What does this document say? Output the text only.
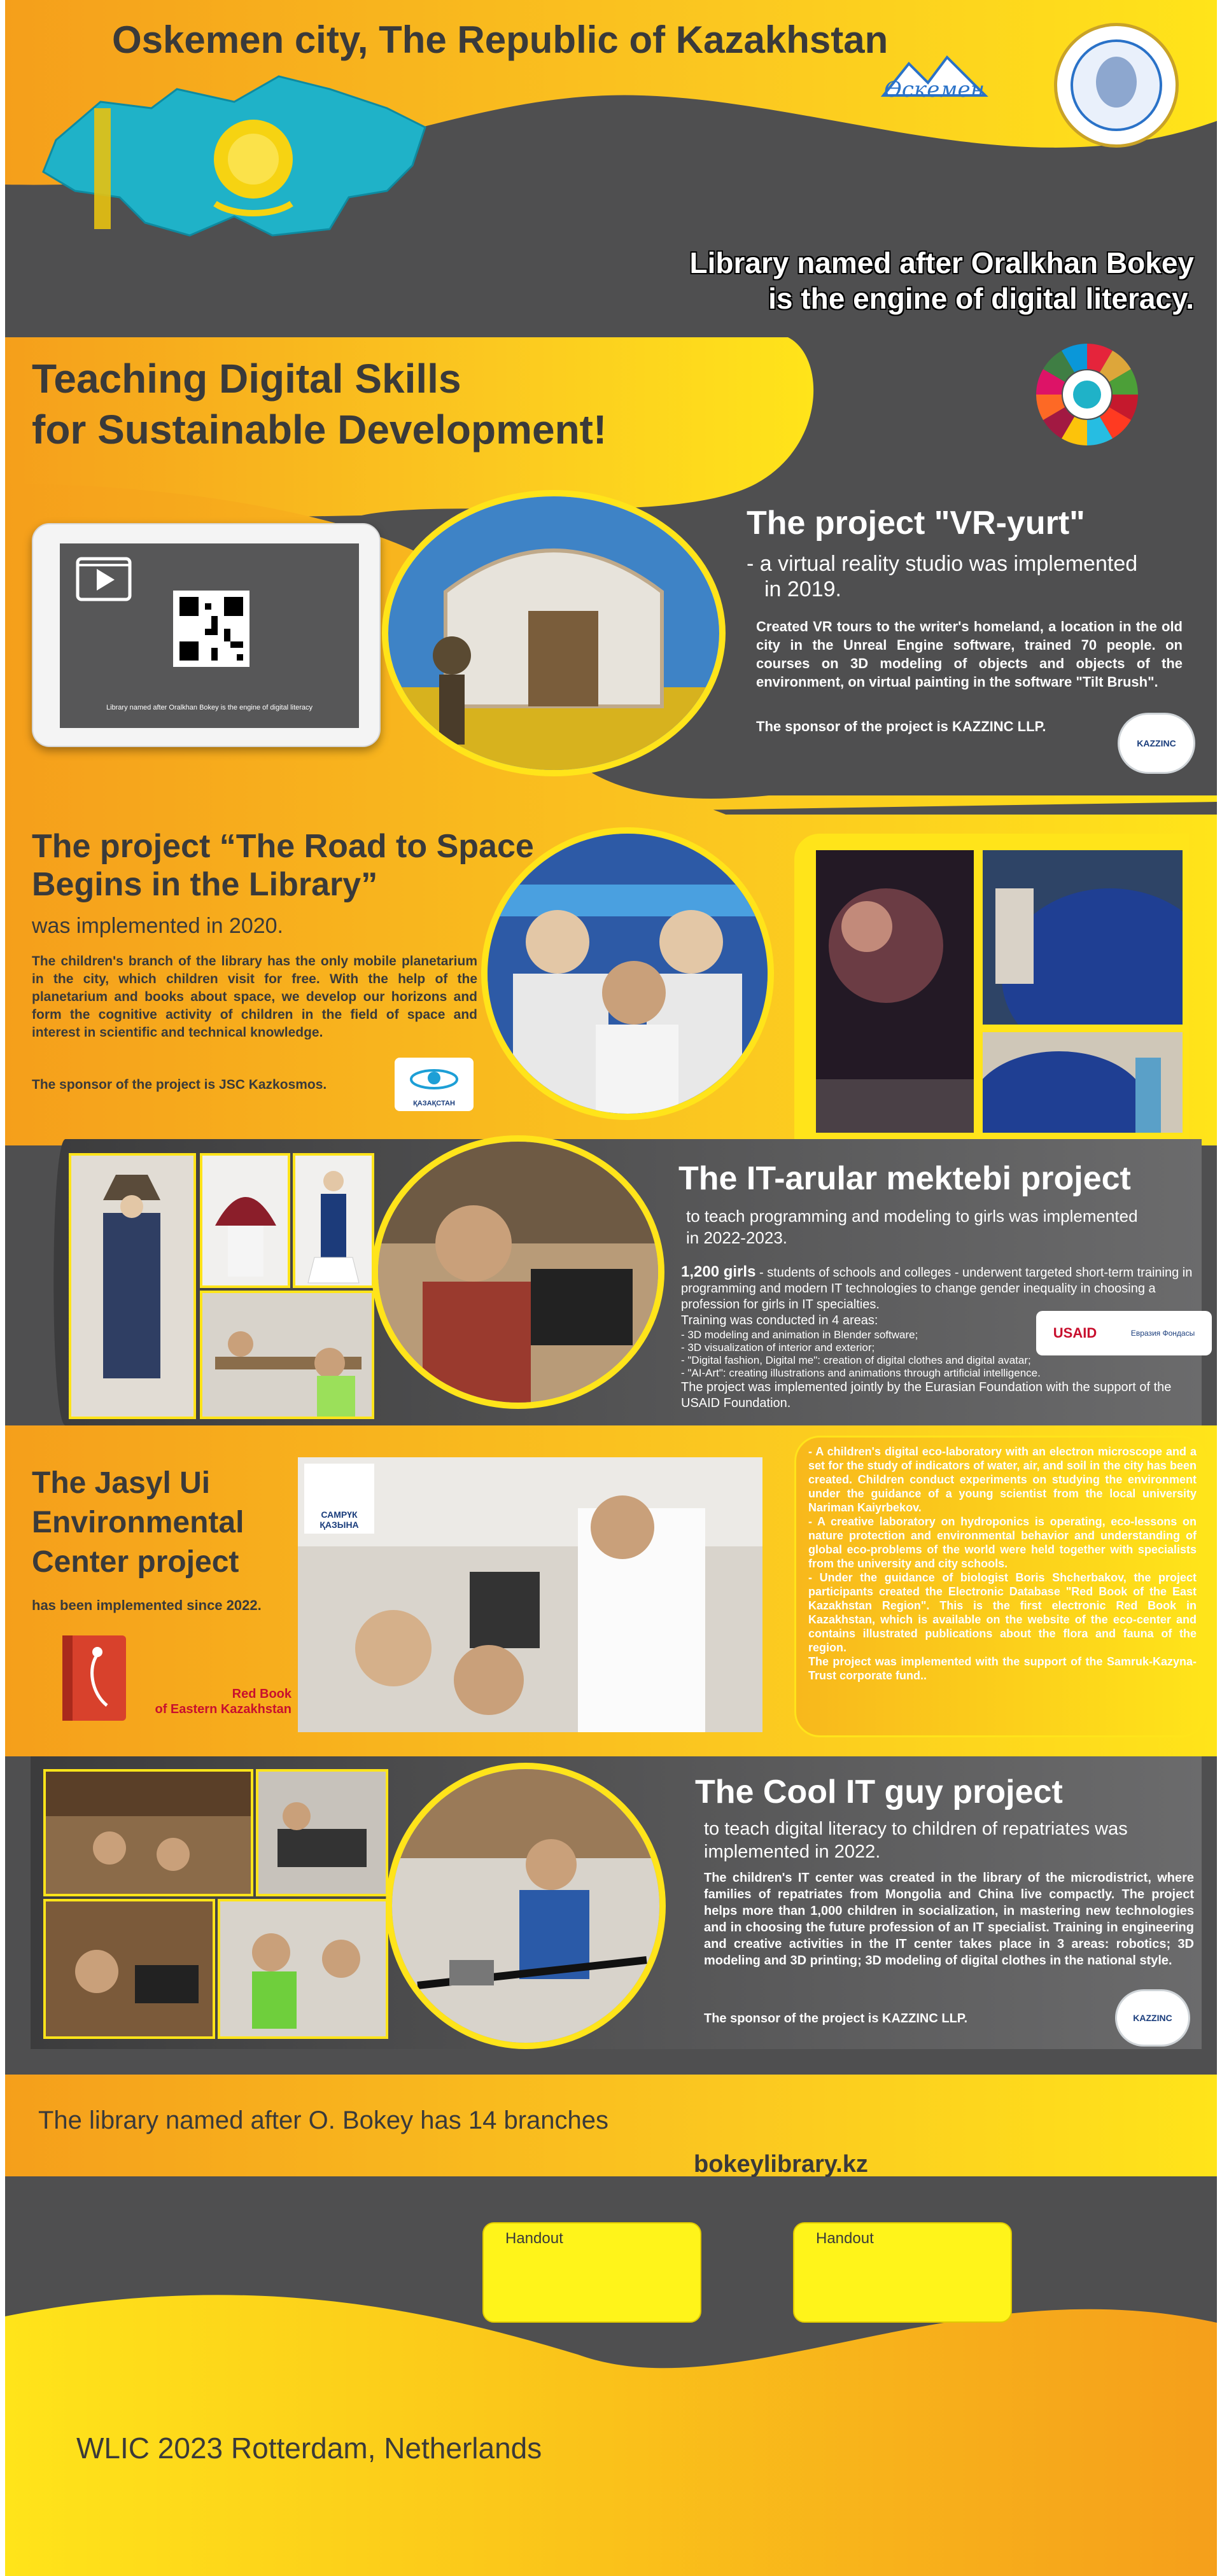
Oskemen city, The Republic of Kazakhstan
Өскемен
Library named after Oralkhan Bokey
is the engine of digital literacy.
Teaching Digital Skills
for Sustainable Development!
Library named after Oralkhan Bokey is the engine of digital literacy
The project "VR-yurt"
- a virtual reality studio was implemented
in 2019.
Created VR tours to the writer's homeland, a location in the old city in the Unreal Engine software, trained 70 people. on courses on 3D modeling of objects and objects of the environment, on virtual painting in the software "Tilt Brush".
The sponsor of the project is KAZZINC LLP.
KAZZINC
The project “The Road to Space
Begins in the Library”
was implemented in 2020.
The children's branch of the library has the only mobile planetarium in the city, which children visit for free. With the help of the planetarium and books about space, we develop our horizons and form the cognitive activity of children in the field of space and interest in scientific and technical knowledge.
The sponsor of the project is JSC Kazkosmos.
ҚАЗАҚСТАН
The IT-arular mektebi project
to teach programming and modeling to girls was implemented
in 2022-2023.
1,200 girls - students of schools and colleges - underwent targeted short-term training in programming and modern IT technologies to change gender inequality in choosing a profession for girls in IT specialties.
Training was conducted in 4 areas:
- 3D modeling and animation in Blender software;
- 3D visualization of interior and exterior;
- "Digital fashion, Digital me": creation of digital clothes and digital avatar;
- "AI-Art": creating illustrations and animations through artificial intelligence.
The project was implemented jointly by the Eurasian Foundation with the support of the USAID Foundation.
USAID	Евразия Фондасы
The Jasyl Ui
Environmental
Center project
has been implemented since 2022.
Red Book
of Eastern Kazakhstan
САМРҮК ҚАЗЫНА
- A children's digital eco-laboratory with an electron microscope and a set for the study of indicators of water, air, and soil in the city has been created. Children conduct experiments on studying the environment under the guidance of a young scientist from the local university Nariman Kaiyrbekov.
- A creative laboratory on hydroponics is operating, eco-lessons on nature protection and environmental behavior and understanding of global eco-problems of the world were held together with specialists from the university and city schools.
- Under the guidance of biologist Boris Shcherbakov, the project participants created the Electronic Database "Red Book of the East Kazakhstan Region". This is the first electronic Red Book in Kazakhstan, which is available on the website of the eco-center and contains illustrated publications about the flora and fauna of the region.
The project was implemented with the support of the Samruk-Kazyna-Trust corporate fund..
The Cool IT guy project
to teach digital literacy to children of repatriates was
implemented in 2022.
The children's IT center was created in the library of the microdistrict, where families of repatriates from Mongolia and China live compactly. The project helps more than 1,000 children in socialization, in mastering new technologies and in choosing the future profession of an IT specialist. Training in engineering and creative activities in the IT center takes place in 3 areas: robotics; 3D modeling and 3D printing; 3D modeling of digital clothes in the national style.
The sponsor of the project is KAZZINC LLP.	KAZZINC
The library named after O. Bokey has 14 branches
bokeylibrary.kz
Handout	Handout
WLIC 2023 Rotterdam, Netherlands
